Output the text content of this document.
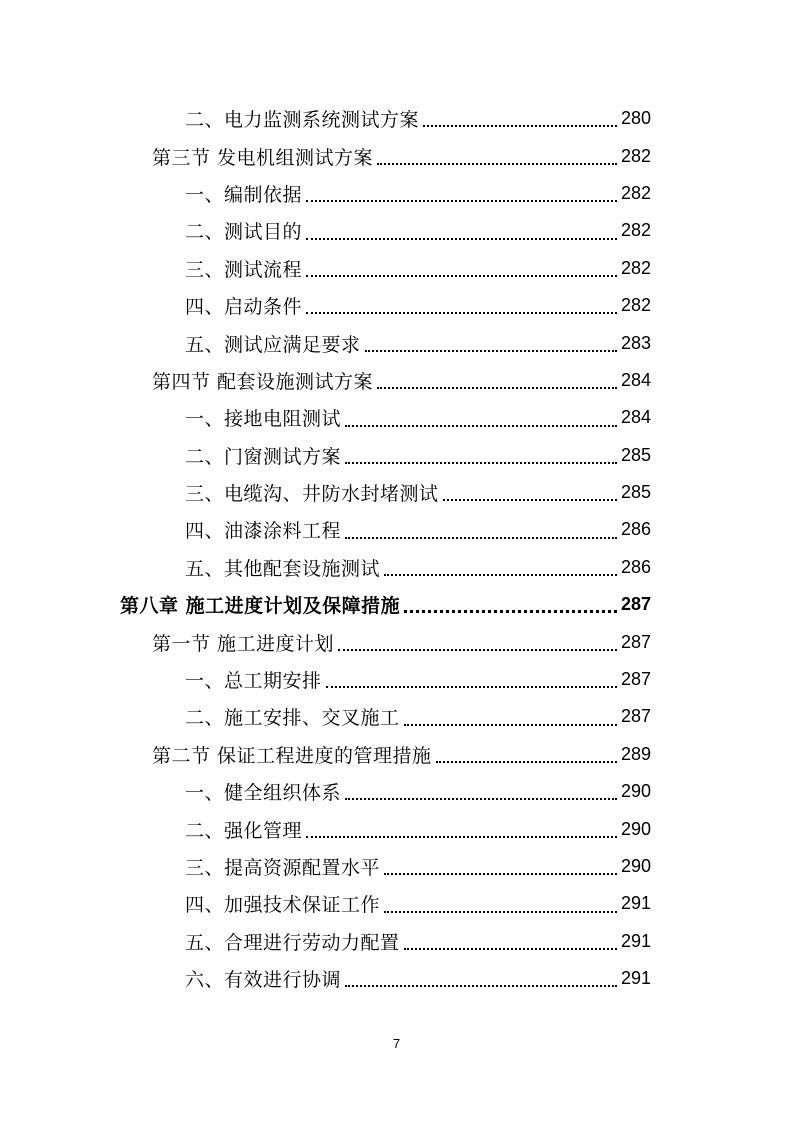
二、电力监测系统测试方案	280
第三节 发电机组测试方案	282
一、编制依据	282
二、测试目的	282
三、测试流程	282
四、启动条件	282
五、测试应满足要求	283
第四节 配套设施测试方案	284
一、接地电阻测试	284
二、门窗测试方案	285
三、电缆沟、井防水封堵测试	285
四、油漆涂料工程	286
五、其他配套设施测试	286
第八章 施工进度计划及保障措施	287
第一节 施工进度计划	287
一、总工期安排	287
二、施工安排、交叉施工	287
第二节 保证工程进度的管理措施	289
一、健全组织体系	290
二、强化管理	290
三、提高资源配置水平	290
四、加强技术保证工作	291
五、合理进行劳动力配置	291
六、有效进行协调	291
7
